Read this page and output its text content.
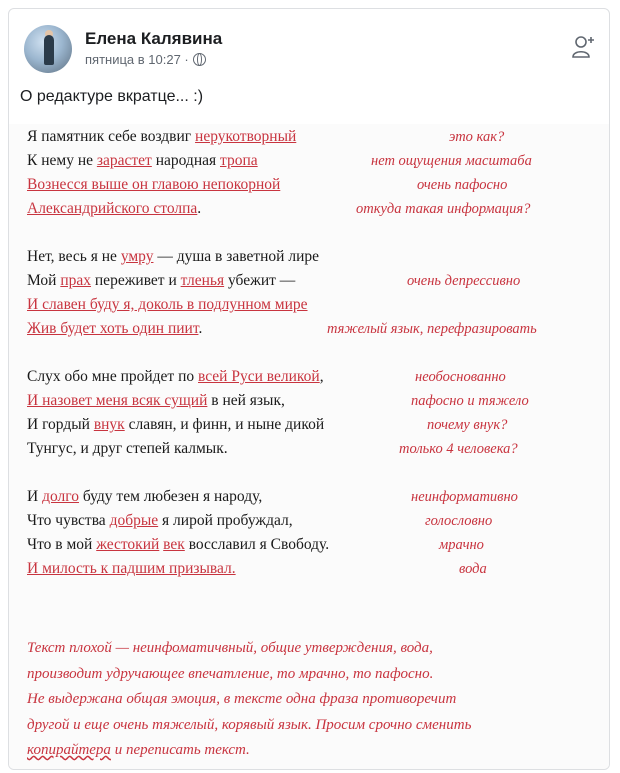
Елена Калявина
пятница в 10:27 ·
О редактуре вкратце... :)
Я памятник себе воздвиг нерукотворный
К нему не зарастет народная тропа
Вознесся выше он главою непокорной
Александрийского столпа.
Нет, весь я не умру — душа в заветной лире
Мой прах переживет и тленья убежит —
И славен буду я, доколь в подлунном мире
Жив будет хоть один пиит.
Слух обо мне пройдет по всей Руси великой,
И назовет меня всяк сущий в ней язык,
И гордый внук славян, и финн, и ныне дикой
Тунгус, и друг степей калмык.
И долго буду тем любезен я народу,
Что чувства добрые я лирой пробуждал,
Что в мой жестокий век восславил я Свободу.
И милость к падшим призывал.
это как?
нет ощущения масштаба
очень пафосно
откуда такая информация?
очень депрессивно
тяжелый язык, перефразировать
необоснованно
пафосно и тяжело
почему внук?
только 4 человека?
неинформативно
голословно
мрачно
вода
Текст плохой — неинфоматичвный, общие утверждения, вода,
производит удручающее впечатление, то мрачно, то пафосно.
Не выдержана общая эмоция, в тексте одна фраза противоречит
другой и еще очень тяжелый, корявый язык. Просим срочно сменить
копирайтера и переписать текст.
